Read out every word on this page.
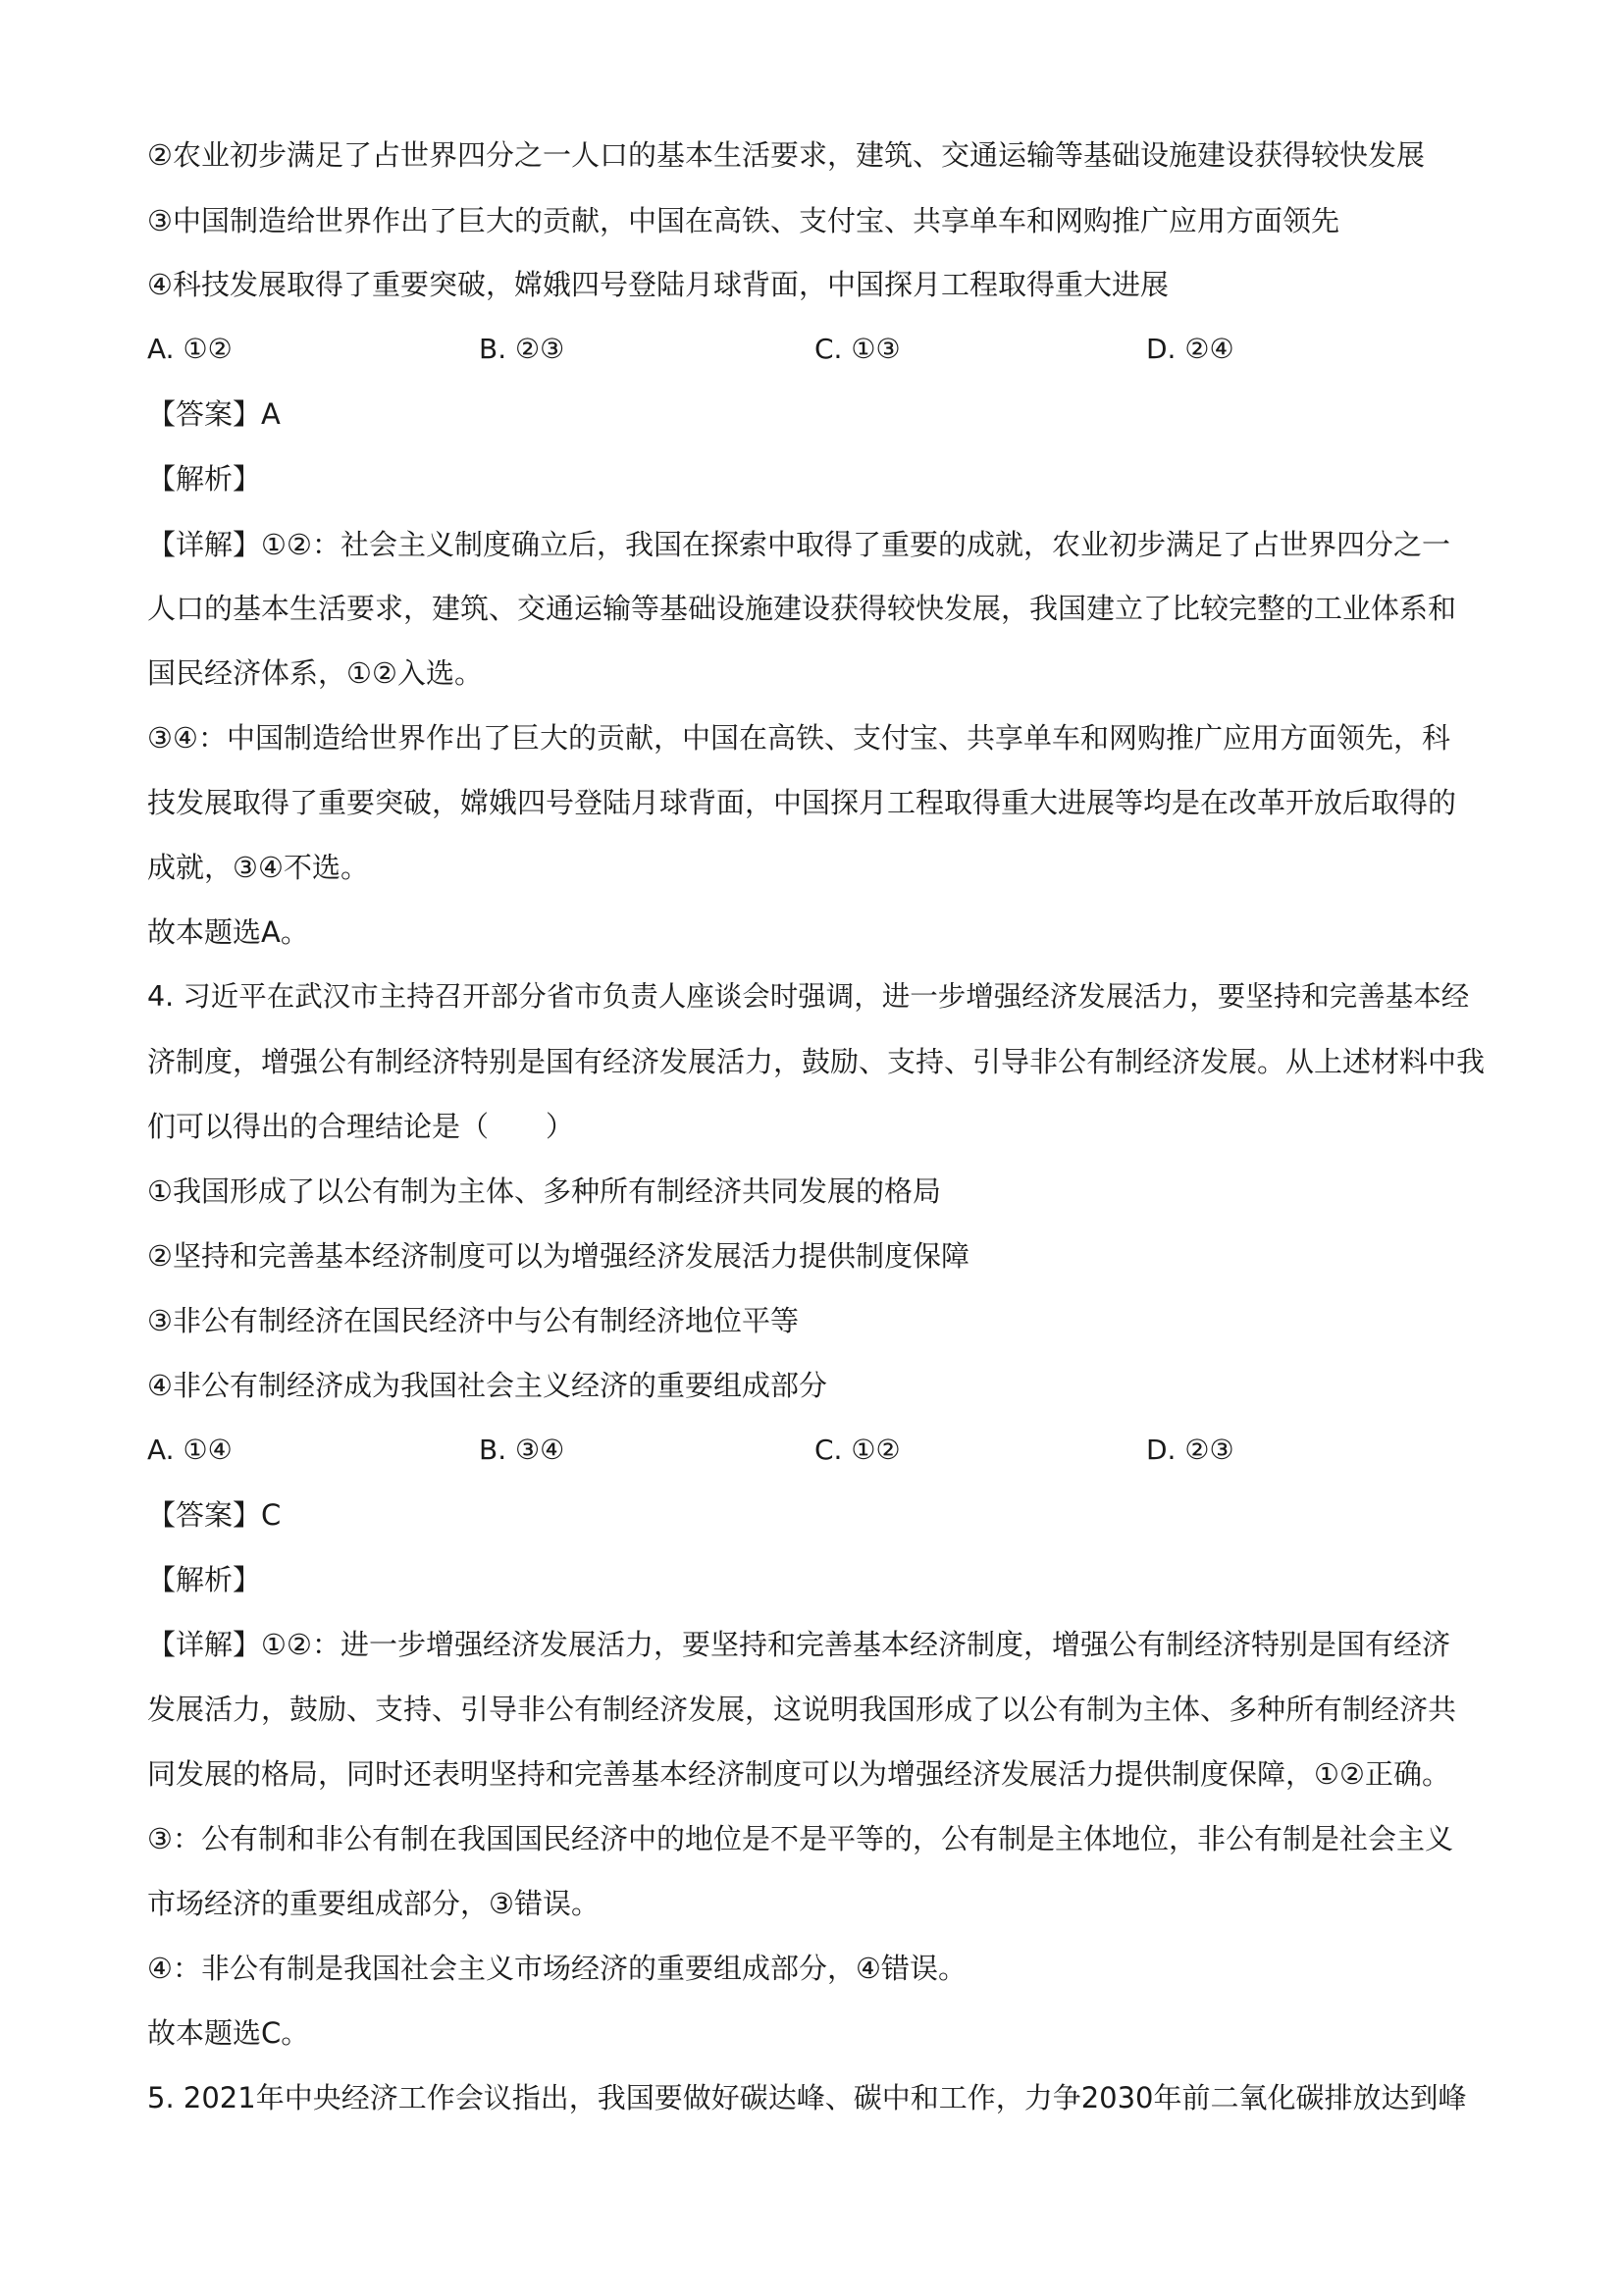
②农业初步满足了占世界四分之一人口的基本生活要求，建筑、交通运输等基础设施建设获得较快发展
③中国制造给世界作出了巨大的贡献，中国在高铁、支付宝、共享单车和网购推广应用方面领先
④科技发展取得了重要突破，嫦娥四号登陆月球背面，中国探月工程取得重大进展
A. ①②	B. ②③	C. ①③	D. ②④
【答案】A
【解析】
【详解】①②：社会主义制度确立后，我国在探索中取得了重要的成就，农业初步满足了占世界四分之一
人口的基本生活要求，建筑、交通运输等基础设施建设获得较快发展，我国建立了比较完整的工业体系和
国民经济体系，①②入选。
③④：中国制造给世界作出了巨大的贡献，中国在高铁、支付宝、共享单车和网购推广应用方面领先，科
技发展取得了重要突破，嫦娥四号登陆月球背面，中国探月工程取得重大进展等均是在改革开放后取得的
成就，③④不选。
故本题选A。
4. 习近平在武汉市主持召开部分省市负责人座谈会时强调，进一步增强经济发展活力，要坚持和完善基本经
济制度，增强公有制经济特别是国有经济发展活力，鼓励、支持、引导非公有制经济发展。从上述材料中我
们可以得出的合理结论是（　　）
①我国形成了以公有制为主体、多种所有制经济共同发展的格局
②坚持和完善基本经济制度可以为增强经济发展活力提供制度保障
③非公有制经济在国民经济中与公有制经济地位平等
④非公有制经济成为我国社会主义经济的重要组成部分
A. ①④	B. ③④	C. ①②	D. ②③
【答案】C
【解析】
【详解】①②：进一步增强经济发展活力，要坚持和完善基本经济制度，增强公有制经济特别是国有经济
发展活力，鼓励、支持、引导非公有制经济发展，这说明我国形成了以公有制为主体、多种所有制经济共
同发展的格局，同时还表明坚持和完善基本经济制度可以为增强经济发展活力提供制度保障，①②正确。
③：公有制和非公有制在我国国民经济中的地位是不是平等的，公有制是主体地位，非公有制是社会主义
市场经济的重要组成部分，③错误。
④：非公有制是我国社会主义市场经济的重要组成部分，④错误。
故本题选C。
5. 2021年中央经济工作会议指出，我国要做好碳达峰、碳中和工作，力争2030年前二氧化碳排放达到峰
